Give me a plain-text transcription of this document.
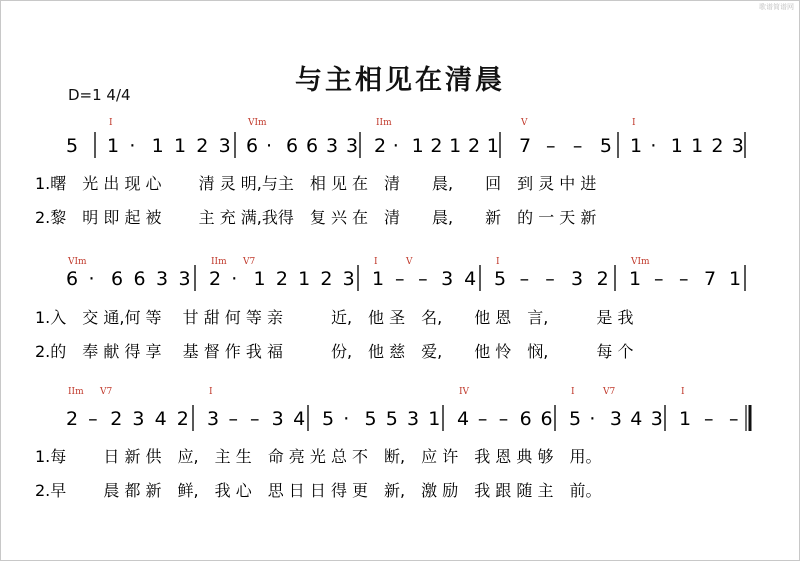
歌谱简谱网
与主相见在清晨
D=1 4/4
5
I
1 · 1 1 2 3
VIm
6 · 6 6 3 3
IIm
2 · 1 2 1 2 1
V
7 – – 5
I
1 · 1 1 2 3
1.曙　光 出 现 心　　 清 灵 明,与主　相 见 在　清　　晨,　　回　到 灵 中 进
2.黎　明 即 起 被　　 主 充 满,我得　复 兴 在　清　　晨,　　新　的 一 天 新
VIm
6 · 6 6 3 3
IIm V7
2 · 1 2 1 2 3
I	V
1 – – 3 4
I
5 – – 3 2
VIm
1 – – 7 1
1.入　交 通,何 等　 甘 甜 何 等 亲　　　近,　他 圣　名,　　他 恩　言,　　　是 我
2.的　奉 献 得 享　 基 督 作 我 福　　　份,　他 慈　爱,　　他 怜　悯,　　　每 个
IIm V7
2 – 2 3 4 2
I
3 – – 3 4 5 · 5 5 3 1
IV
4 – – 6 6
I	V7
5 · 3 4 3
I
1 – –
1.每　　 日 新 供　应,　主 生　命 亮 光 总 不　断,　应 许　我 恩 典 够　用。
2.早　　 晨 都 新　鲜,　我 心　思 日 日 得 更　新,　激 励　我 跟 随 主　前。
